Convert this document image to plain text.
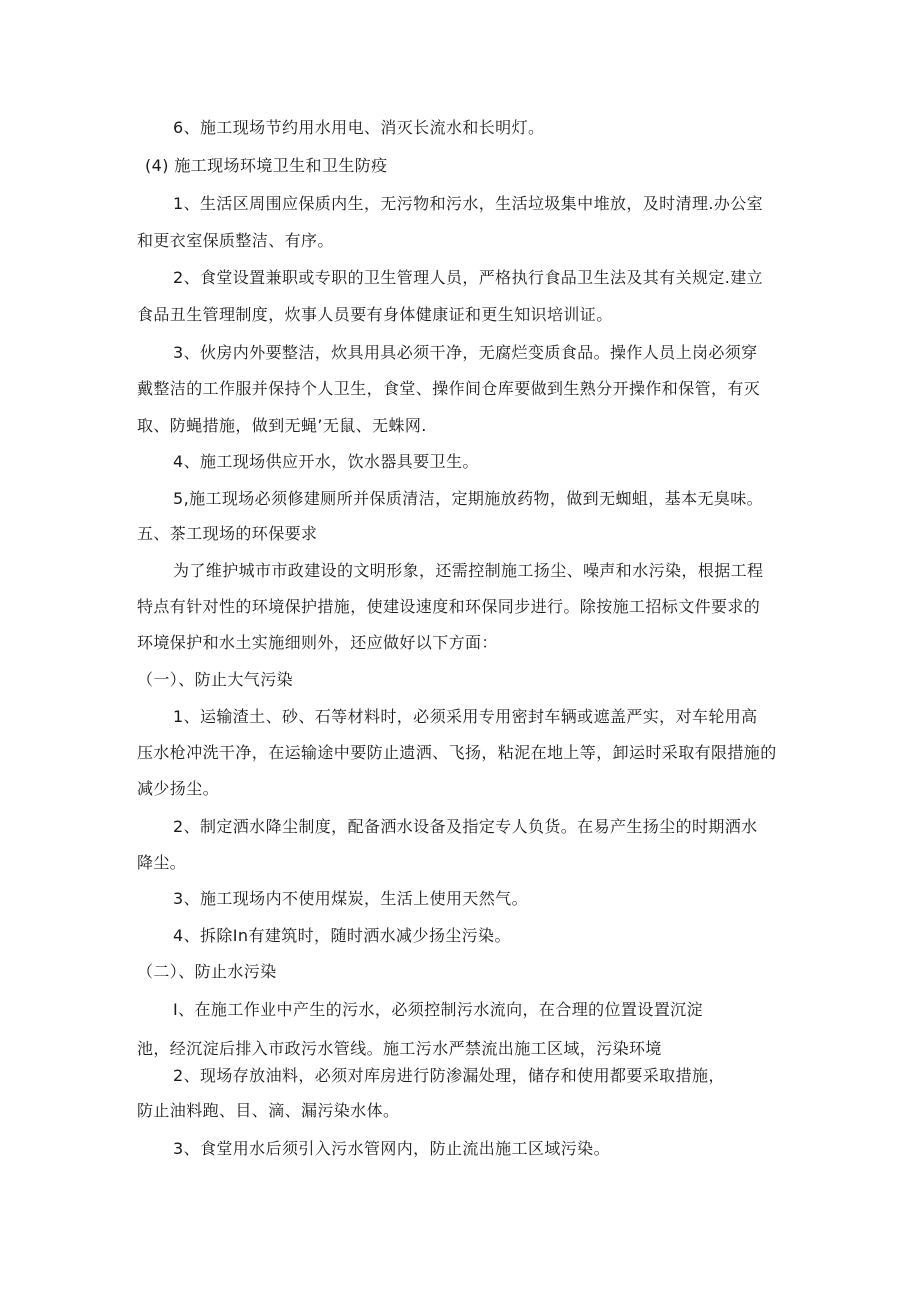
6、施工现场节约用水用电、消灭长流水和长明灯。
(4) 施工现场环境卫生和卫生防疫
1、生活区周围应保质内生，无污物和污水，生活垃圾集中堆放，及时清理.办公室
和更衣室保质整洁、有序。
2、食堂设置兼职或专职的卫生管理人员，严格执行食品卫生法及其有关规定.建立
食品丑生管理制度，炊事人员要有身体健康证和更生知识培训证。
3、伙房内外要整洁，炊具用具必须干净，无腐烂变质食品。操作人员上岗必须穿
戴整洁的工作服并保持个人卫生，食堂、操作间仓库要做到生熟分开操作和保管，有灭
取、防蝇措施，做到无蝇’无鼠、无蛛网.
4、施工现场供应开水，饮水器具要卫生。
5,施工现场必须修建厕所并保质清洁，定期施放药物，做到无蜘蛆，基本无臭味。
五、茶工现场的环保要求
为了维护城市市政建设的文明形象，还需控制施工扬尘、噪声和水污染，根据工程
特点有针对性的环境保护措施，使建设速度和环保同步进行。除按施工招标文件要求的
环境保护和水土实施细则外，还应做好以下方面：
（一）、防止大气污染
1、运输渣土、砂、石等材料时，必须采用专用密封车辆或遮盖严实，对车轮用高
压水枪冲洗干净，在运输途中要防止遗洒、飞扬，粘泥在地上等，卸运时采取有限措施的
减少扬尘。
2、制定洒水降尘制度，配备洒水设备及指定专人负货。在易产生扬尘的时期洒水
降尘。
3、施工现场内不使用煤炭，生活上使用天然气。
4、拆除In有建筑时，随时洒水减少扬尘污染。
（二）、防止水污染
I、在施工作业中产生的污水，必须控制污水流向，在合理的位置设置沉淀
池，经沉淀后排入市政污水管线。施工污水严禁流出施工区域，污染环境
2、现场存放油料，必须对库房进行防渗漏处理，储存和使用都要采取措施，
防止油料跑、目、滴、漏污染水体。
3、食堂用水后须引入污水管网内，防止流出施工区域污染。
